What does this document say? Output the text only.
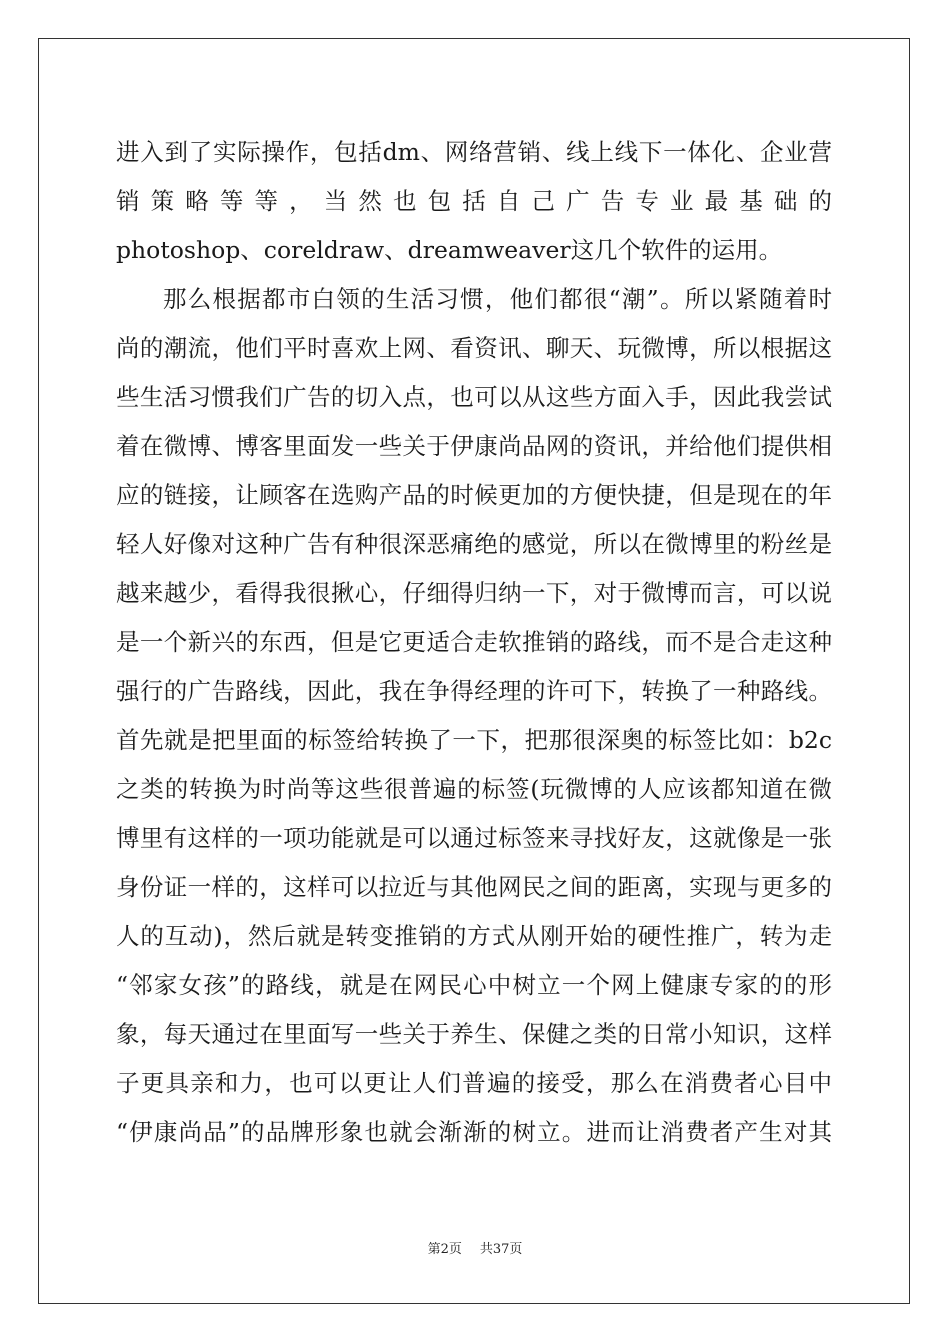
进入到了实际操作，包括dm、网络营销、线上线下一体化、企业营
销策略等等，当然也包括自己广告专业最基础的
photoshop、coreldraw、dreamweaver这几个软件的运用。
那么根据都市白领的生活习惯，他们都很“潮”。所以紧随着时
尚的潮流，他们平时喜欢上网、看资讯、聊天、玩微博，所以根据这
些生活习惯我们广告的切入点，也可以从这些方面入手，因此我尝试
着在微博、博客里面发一些关于伊康尚品网的资讯，并给他们提供相
应的链接，让顾客在选购产品的时候更加的方便快捷，但是现在的年
轻人好像对这种广告有种很深恶痛绝的感觉，所以在微博里的粉丝是
越来越少，看得我很揪心，仔细得归纳一下，对于微博而言，可以说
是一个新兴的东西，但是它更适合走软推销的路线，而不是合走这种
强行的广告路线，因此，我在争得经理的许可下，转换了一种路线。
首先就是把里面的标签给转换了一下，把那很深奥的标签比如：b2c
之类的转换为时尚等这些很普遍的标签(玩微博的人应该都知道在微
博里有这样的一项功能就是可以通过标签来寻找好友，这就像是一张
身份证一样的，这样可以拉近与其他网民之间的距离，实现与更多的
人的互动)，然后就是转变推销的方式从刚开始的硬性推广，转为走
“邻家女孩”的路线，就是在网民心中树立一个网上健康专家的的形
象，每天通过在里面写一些关于养生、保健之类的日常小知识，这样
子更具亲和力，也可以更让人们普遍的接受，那么在消费者心目中
“伊康尚品”的品牌形象也就会渐渐的树立。进而让消费者产生对其
第2页 共37页
